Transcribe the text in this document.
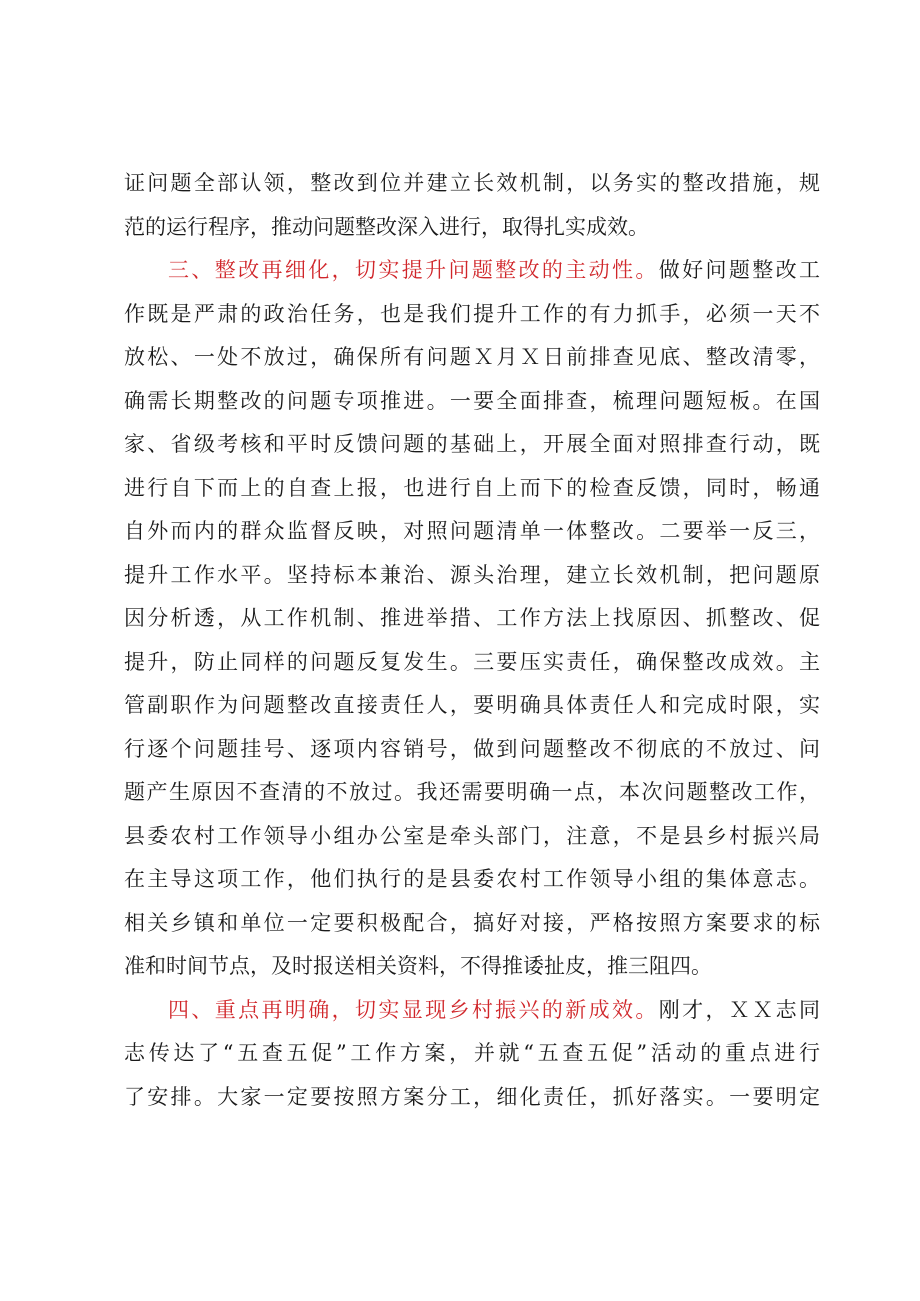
证问题全部认领，整改到位并建立长效机制，以务实的整改措施，规
范的运行程序，推动问题整改深入进行，取得扎实成效。
三、整改再细化，切实提升问题整改的主动性。做好问题整改工
作既是严肃的政治任务，也是我们提升工作的有力抓手，必须一天不
放松、一处不放过，确保所有问题Ｘ月Ｘ日前排查见底、整改清零，
确需长期整改的问题专项推进。一要全面排查，梳理问题短板。在国
家、省级考核和平时反馈问题的基础上，开展全面对照排查行动，既
进行自下而上的自查上报，也进行自上而下的检查反馈，同时，畅通
自外而内的群众监督反映，对照问题清单一体整改。二要举一反三，
提升工作水平。坚持标本兼治、源头治理，建立长效机制，把问题原
因分析透，从工作机制、推进举措、工作方法上找原因、抓整改、促
提升，防止同样的问题反复发生。三要压实责任，确保整改成效。主
管副职作为问题整改直接责任人，要明确具体责任人和完成时限，实
行逐个问题挂号、逐项内容销号，做到问题整改不彻底的不放过、问
题产生原因不查清的不放过。我还需要明确一点，本次问题整改工作，
县委农村工作领导小组办公室是牵头部门，注意，不是县乡村振兴局
在主导这项工作，他们执行的是县委农村工作领导小组的集体意志。
相关乡镇和单位一定要积极配合，搞好对接，严格按照方案要求的标
准和时间节点，及时报送相关资料，不得推诿扯皮，推三阻四。
四、重点再明确，切实显现乡村振兴的新成效。刚才，ＸＸ志同
志传达了“五查五促”工作方案，并就“五查五促”活动的重点进行
了安排。大家一定要按照方案分工，细化责任，抓好落实。一要明定
